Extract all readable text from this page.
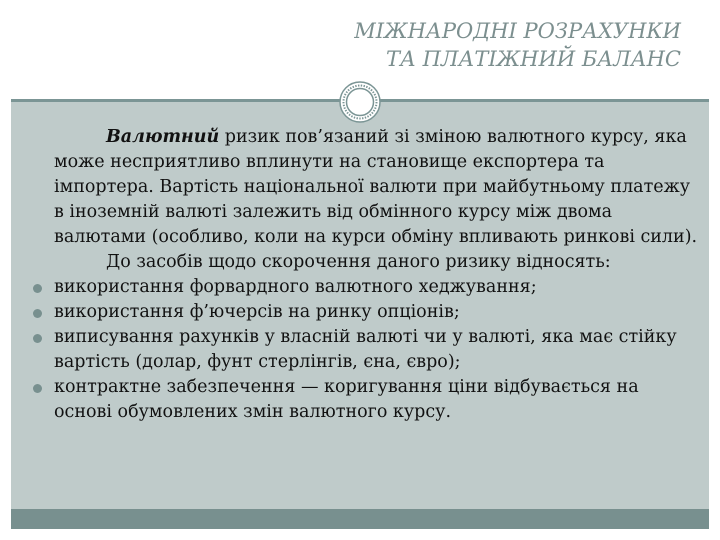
МІЖНАРОДНІ РОЗРАХУНКИ
ТА ПЛАТІЖНИЙ БАЛАНС

Валютний ризик пов’язаний зі зміною валютного курсу, яка може несприятливо вплинути на становище експортера та імпортера. Вартість національної валюти при майбутньому платежу в іноземній валюті залежить від обмінного курсу між двома валютами (особливо, коли на курси обміну впливають ринкові сили).

До засобів щодо скорочення даного ризику відносять:

використання форвардного валютного хеджування;
використання ф’ючерсів на ринку опціонів;
виписування рахунків у власній валюті чи у валюті, яка має стійку вартість (долар, фунт стерлінгів, єна, євро);
контрактне забезпечення — коригування ціни відбувається на основі обумовлених змін валютного курсу.
